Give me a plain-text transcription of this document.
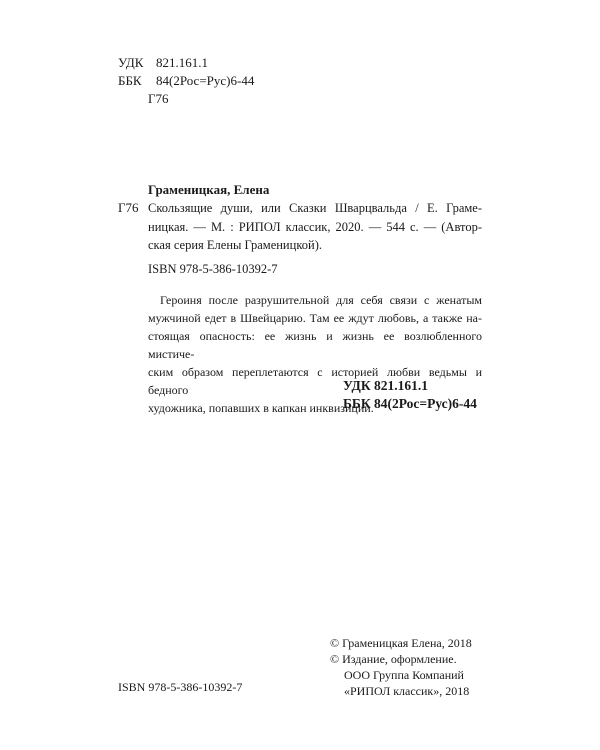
УДК 821.161.1
ББК 84(2Рос=Рус)6-44
Г76
Граменицкая, Елена
Г76 Скользящие души, или Сказки Шварцвальда / Е. Граме-
ницкая. — М. : РИПОЛ классик, 2020. — 544 с. — (Автор-
ская серия Елены Граменицкой).
ISBN 978-5-386-10392-7
Героиня после разрушительной для себя связи с женатым
мужчиной едет в Швейцарию. Там ее ждут любовь, а также на-
стоящая опасность: ее жизнь и жизнь ее возлюбленного мистиче-
ским образом переплетаются с историей любви ведьмы и бедного
художника, попавших в капкан инквизиции.
УДК 821.161.1
ББК 84(2Рос=Рус)6-44
ISBN 978-5-386-10392-7
© Граменицкая Елена, 2018
© Издание, оформление.
ООО Группа Компаний
«РИПОЛ классик», 2018
